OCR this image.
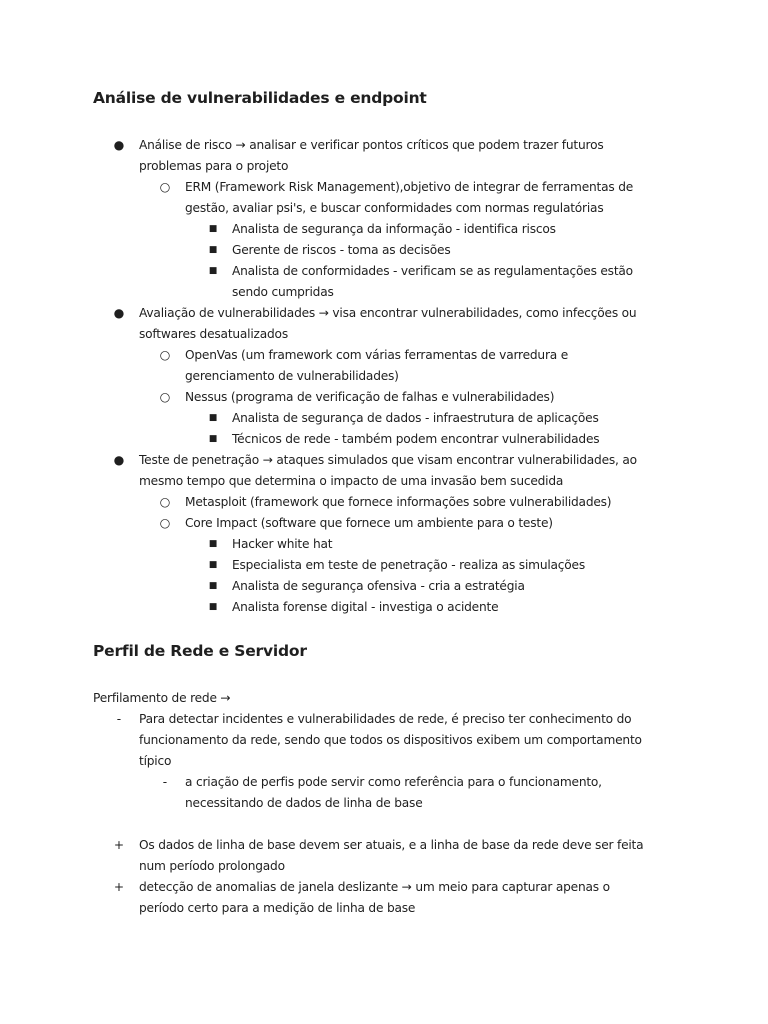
Análise de vulnerabilidades e endpoint
● Análise de risco → analisar e verificar pontos críticos que podem trazer futuros

problemas para o projeto

○ ERM (Framework Risk Management),objetivo de integrar de ferramentas de

gestão, avaliar psi's, e buscar conformidades com normas regulatórias

■ Analista de segurança da informação - identifica riscos

■ Gerente de riscos - toma as decisões

■ Analista de conformidades - verificam se as regulamentações estão

sendo cumpridas

● Avaliação de vulnerabilidades → visa encontrar vulnerabilidades, como infecções ou

softwares desatualizados

○ OpenVas (um framework com várias ferramentas de varredura e

gerenciamento de vulnerabilidades)

○ Nessus (programa de verificação de falhas e vulnerabilidades)

■ Analista de segurança de dados - infraestrutura de aplicações

■ Técnicos de rede - também podem encontrar vulnerabilidades

● Teste de penetração → ataques simulados que visam encontrar vulnerabilidades, ao

mesmo tempo que determina o impacto de uma invasão bem sucedida

○ Metasploit (framework que fornece informações sobre vulnerabilidades)

○ Core Impact (software que fornece um ambiente para o teste)

■ Hacker white hat

■ Especialista em teste de penetração - realiza as simulações

■ Analista de segurança ofensiva - cria a estratégia

■ Analista forense digital - investiga o acidente

Perfil de Rede e Servidor

Perfilamento de rede →

-	Para detectar incidentes e vulnerabilidades de rede, é preciso ter conhecimento do

funcionamento da rede, sendo que todos os dispositivos exibem um comportamento

típico

-	a criação de perfis pode servir como referência para o funcionamento,

necessitando de dados de linha de base

+ Os dados de linha de base devem ser atuais, e a linha de base da rede deve ser feita

num período prolongado

+ detecção de anomalias de janela deslizante → um meio para capturar apenas o

período certo para a medição de linha de base
